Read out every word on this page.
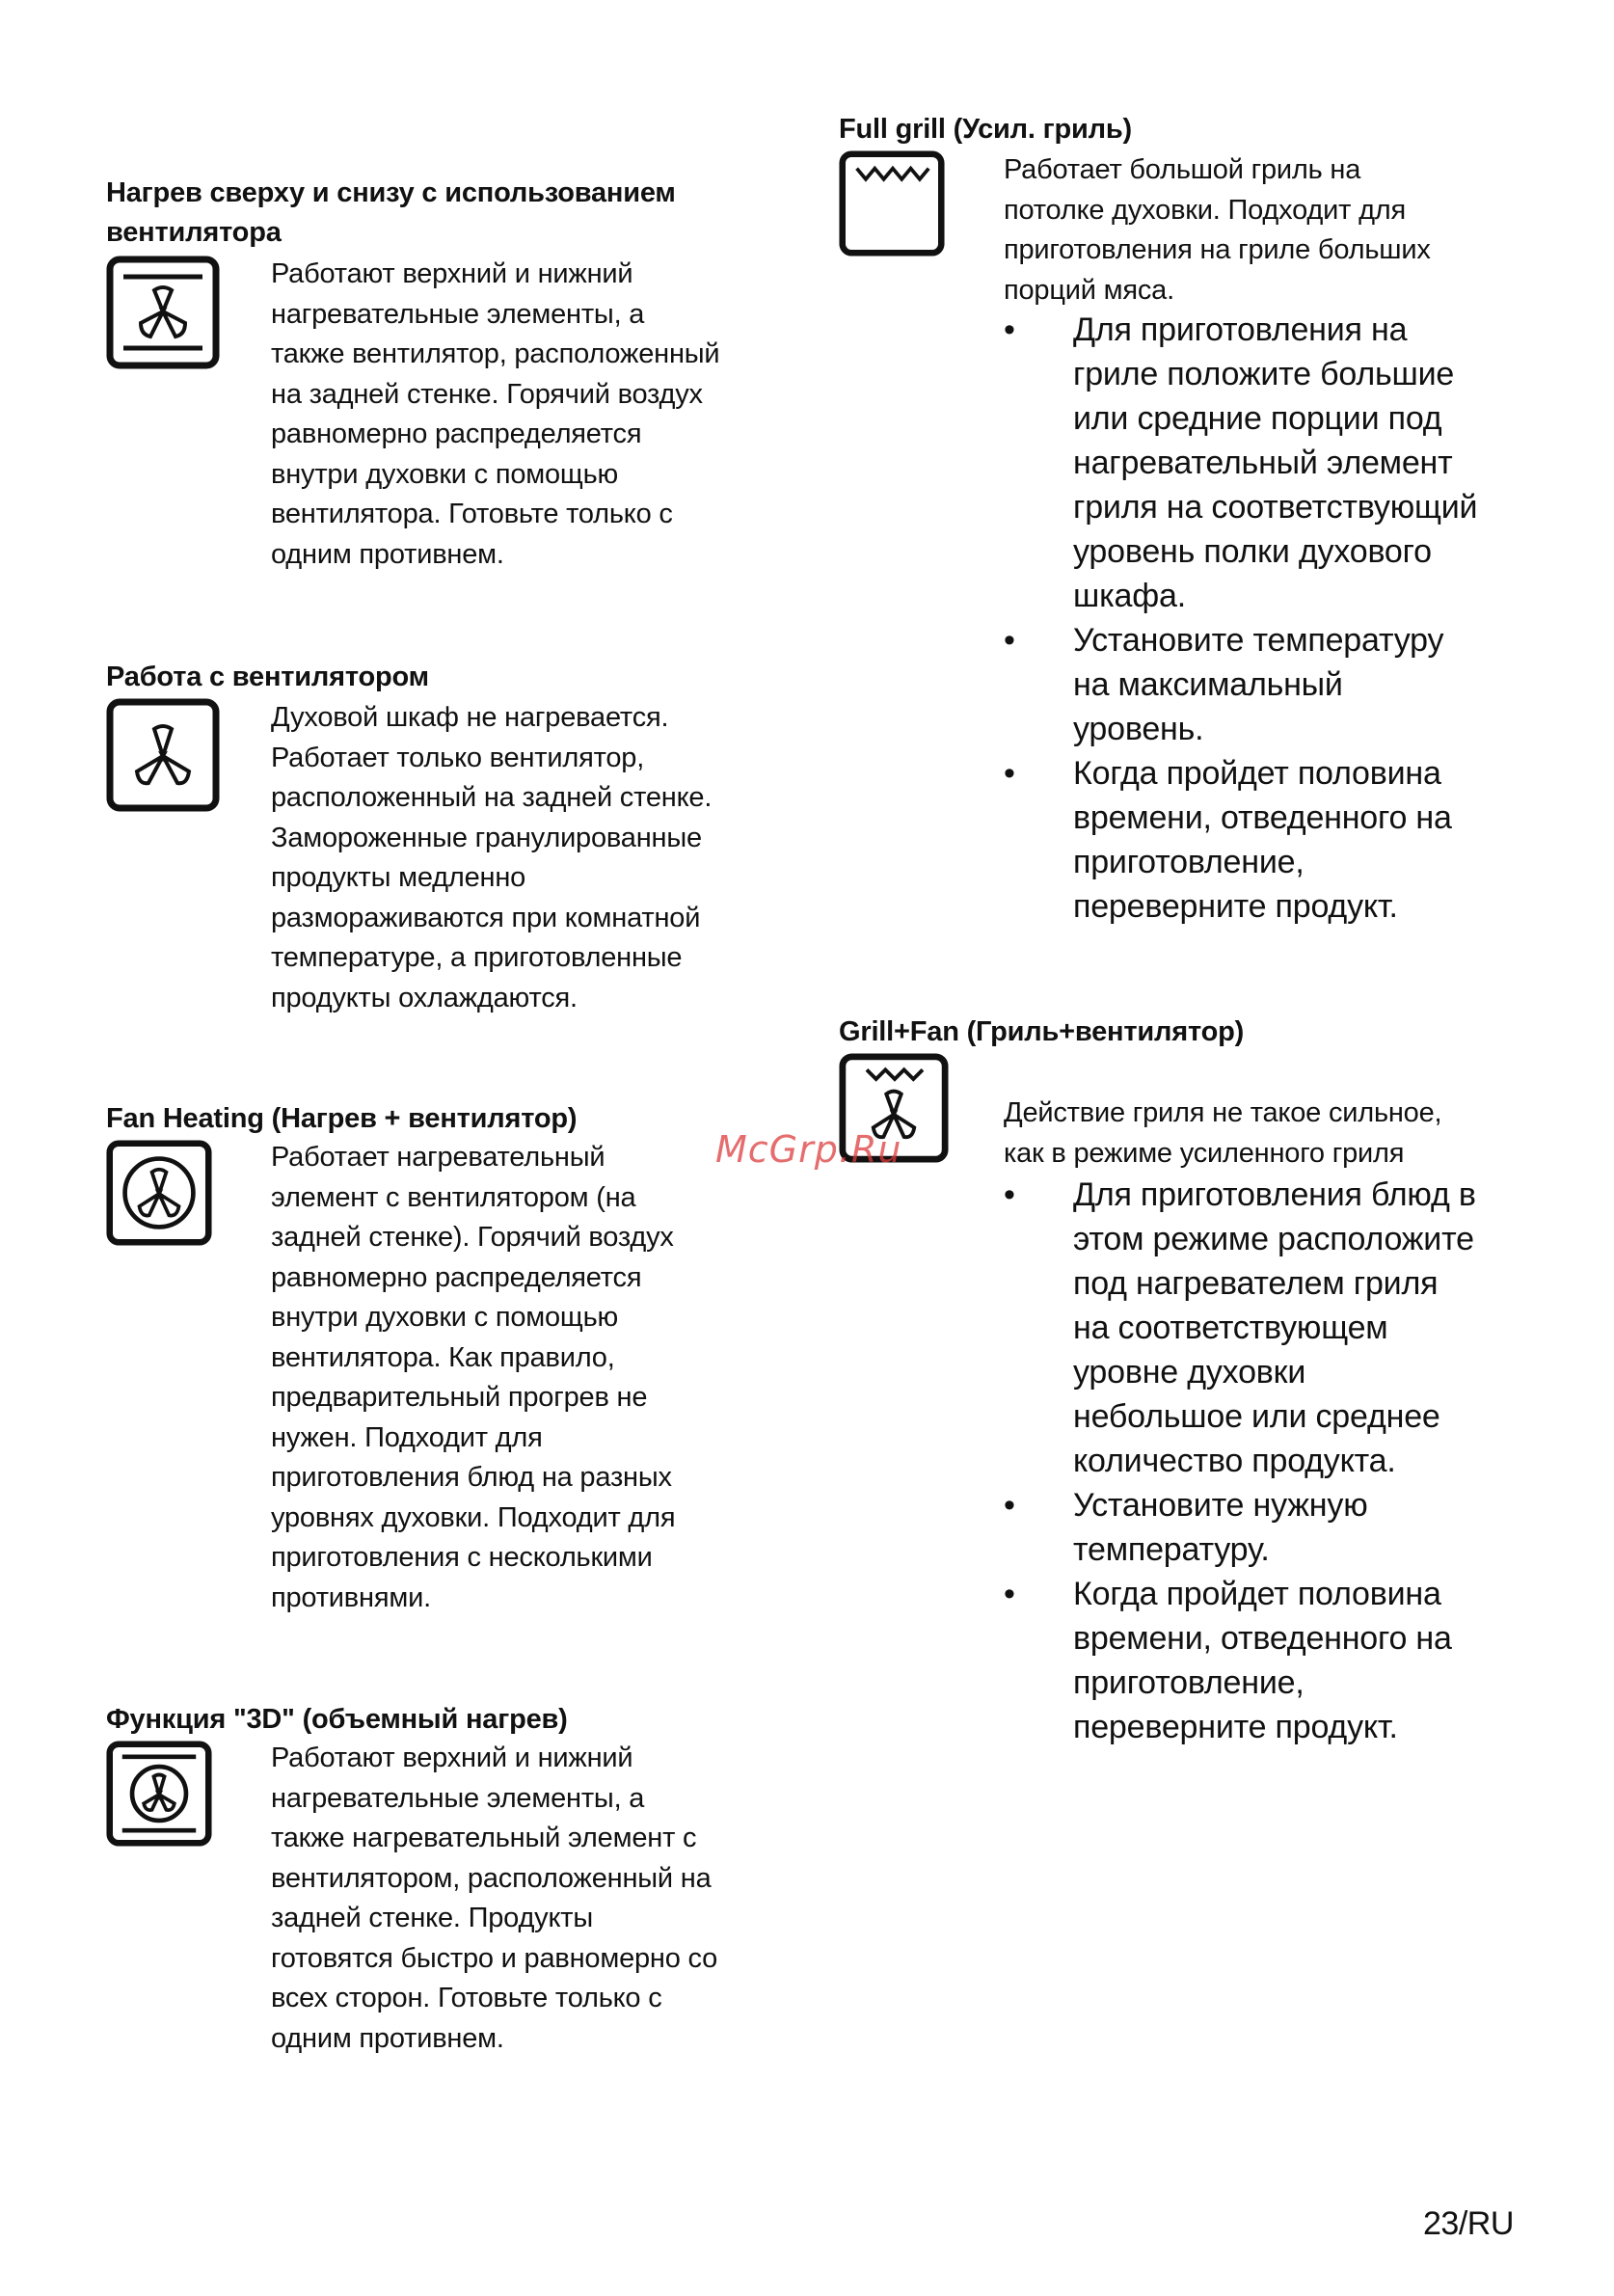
Нагрев сверху и снизу с использованием вентилятора

Работают верхний и нижний
нагревательные элементы, а
также вентилятор, расположенный
на задней стенке. Горячий воздух
равномерно распределяется
внутри духовки с помощью
вентилятора. Готовьте только с
одним противнем.

Работа с вентилятором

Духовой шкаф не нагревается.
Работает только вентилятор,
расположенный на задней стенке.
Замороженные гранулированные
продукты медленно
размораживаются при комнатной
температуре, а приготовленные
продукты охлаждаются.

Fan Heating (Нагрев + вентилятор)

Работает нагревательный
элемент с вентилятором (на
задней стенке). Горячий воздух
равномерно распределяется
внутри духовки с помощью
вентилятора. Как правило,
предварительный прогрев не
нужен. Подходит для
приготовления блюд на разных
уровнях духовки. Подходит для
приготовления с несколькими
противнями.

Функция "3D" (объемный нагрев)

Работают верхний и нижний
нагревательные элементы, а
также нагревательный элемент с
вентилятором, расположенный на
задней стенке. Продукты
готовятся быстро и равномерно со
всех сторон. Готовьте только с
одним противнем.

Full grill (Усил. гриль)

Работает большой гриль на
потолке духовки. Подходит для
приготовления на гриле больших
порций мяса.
•	Для приготовления на
гриле положите большие
или средние порции под
нагревательный элемент
гриля на соответствующий
уровень полки духового
шкафа.
•	Установите температуру
на максимальный
уровень.
•	Когда пройдет половина
времени, отведенного на
приготовление,
переверните продукт.

Grill+Fan (Гриль+вентилятор)

Действие гриля не такое сильное,
как в режиме усиленного гриля
•	Для приготовления блюд в
этом режиме расположите
под нагревателем гриля
на соответствующем
уровне духовки
небольшое или среднее
количество продукта.
•	Установите нужную
температуру.
•	Когда пройдет половина
времени, отведенного на
приготовление,
переверните продукт.
McGrp.Ru
23/RU
